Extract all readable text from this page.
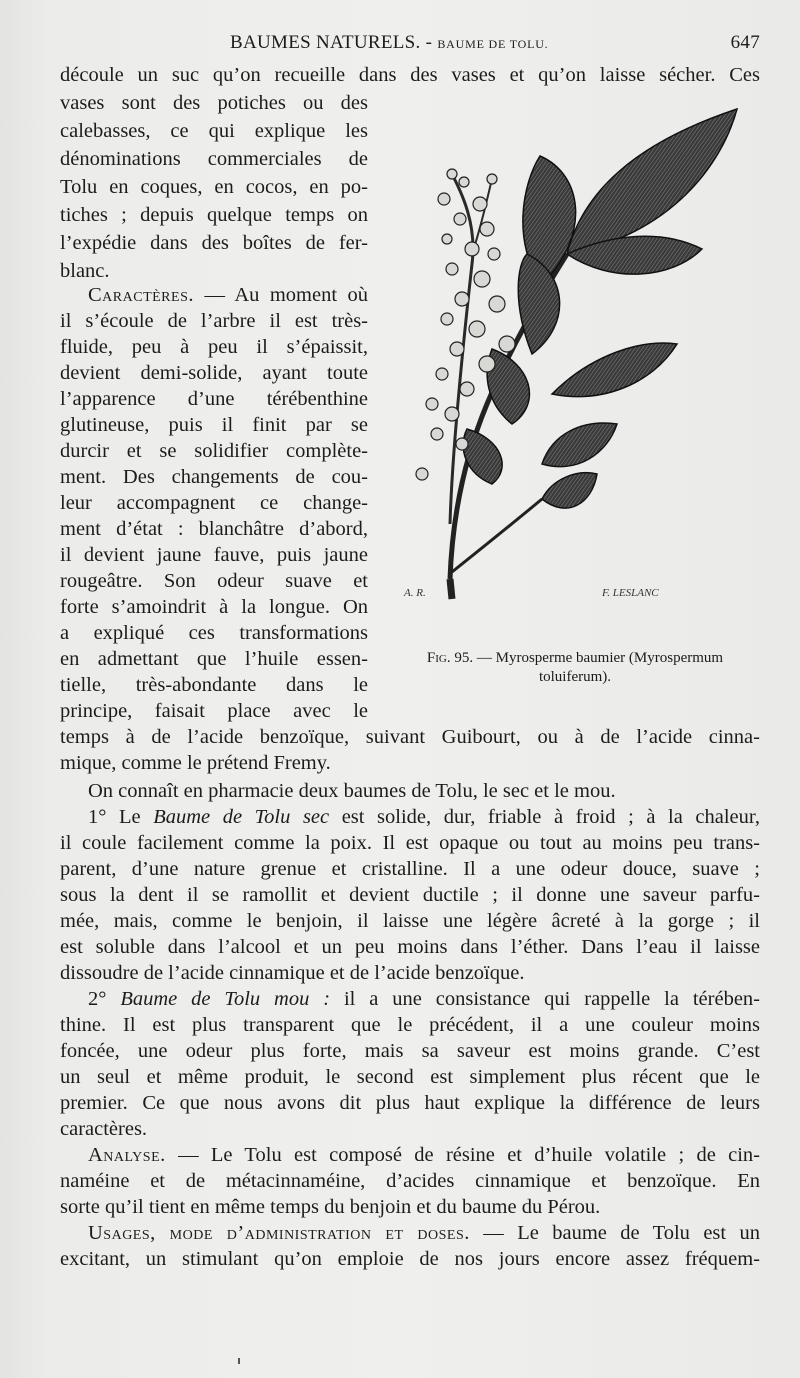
BAUMES NATURELS. - BAUME DE TOLU.	647
découle un suc qu’on recueille dans des vases et qu’on laisse sécher. Ces
vases sont des potiches ou des
calebasses, ce qui explique les
dénominations commerciales de
Tolu en coques, en cocos, en po-
tiches ; depuis quelque temps on
l’expédie dans des boîtes de fer-
blanc.
Caractères. — Au moment où
il s’écoule de l’arbre il est très-
fluide, peu à peu il s’épaissit,
devient demi-solide, ayant toute
l’apparence d’une térébenthine
glutineuse, puis il finit par se
durcir et se solidifier complète-
ment. Des changements de cou-
leur accompagnent ce change-
ment d’état : blanchâtre d’abord,
il devient jaune fauve, puis jaune
rougeâtre. Son odeur suave et
forte s’amoindrit à la longue. On
a expliqué ces transformations
en admettant que l’huile essen-
tielle, très-abondante dans le
principe, faisait place avec le
temps à de l’acide benzoïque, suivant Guibourt, ou à de l’acide cinna-
mique, comme le prétend Fremy.
On connaît en pharmacie deux baumes de Tolu, le sec et le mou.
1° Le Baume de Tolu sec est solide, dur, friable à froid ; à la chaleur,
il coule facilement comme la poix. Il est opaque ou tout au moins peu trans-
parent, d’une nature grenue et cristalline. Il a une odeur douce, suave ;
sous la dent il se ramollit et devient ductile ; il donne une saveur parfu-
mée, mais, comme le benjoin, il laisse une légère âcreté à la gorge ; il
est soluble dans l’alcool et un peu moins dans l’éther. Dans l’eau il laisse
dissoudre de l’acide cinnamique et de l’acide benzoïque.
2° Baume de Tolu mou : il a une consistance qui rappelle la térében-
thine. Il est plus transparent que le précédent, il a une couleur moins
foncée, une odeur plus forte, mais sa saveur est moins grande. C’est
un seul et même produit, le second est simplement plus récent que le
premier. Ce que nous avons dit plus haut explique la différence de leurs
caractères.
Analyse. — Le Tolu est composé de résine et d’huile volatile ; de cin-
naméine et de métacinnaméine, d’acides cinnamique et benzoïque. En
sorte qu’il tient en même temps du benjoin et du baume du Pérou.
Usages, mode d’administration et doses. — Le baume de Tolu est un
excitant, un stimulant qu’on emploie de nos jours encore assez fréquem-
A. R.	F. LESLANC
Fig. 95. — Myrosperme baumier (Myrospermum
toluiferum).
